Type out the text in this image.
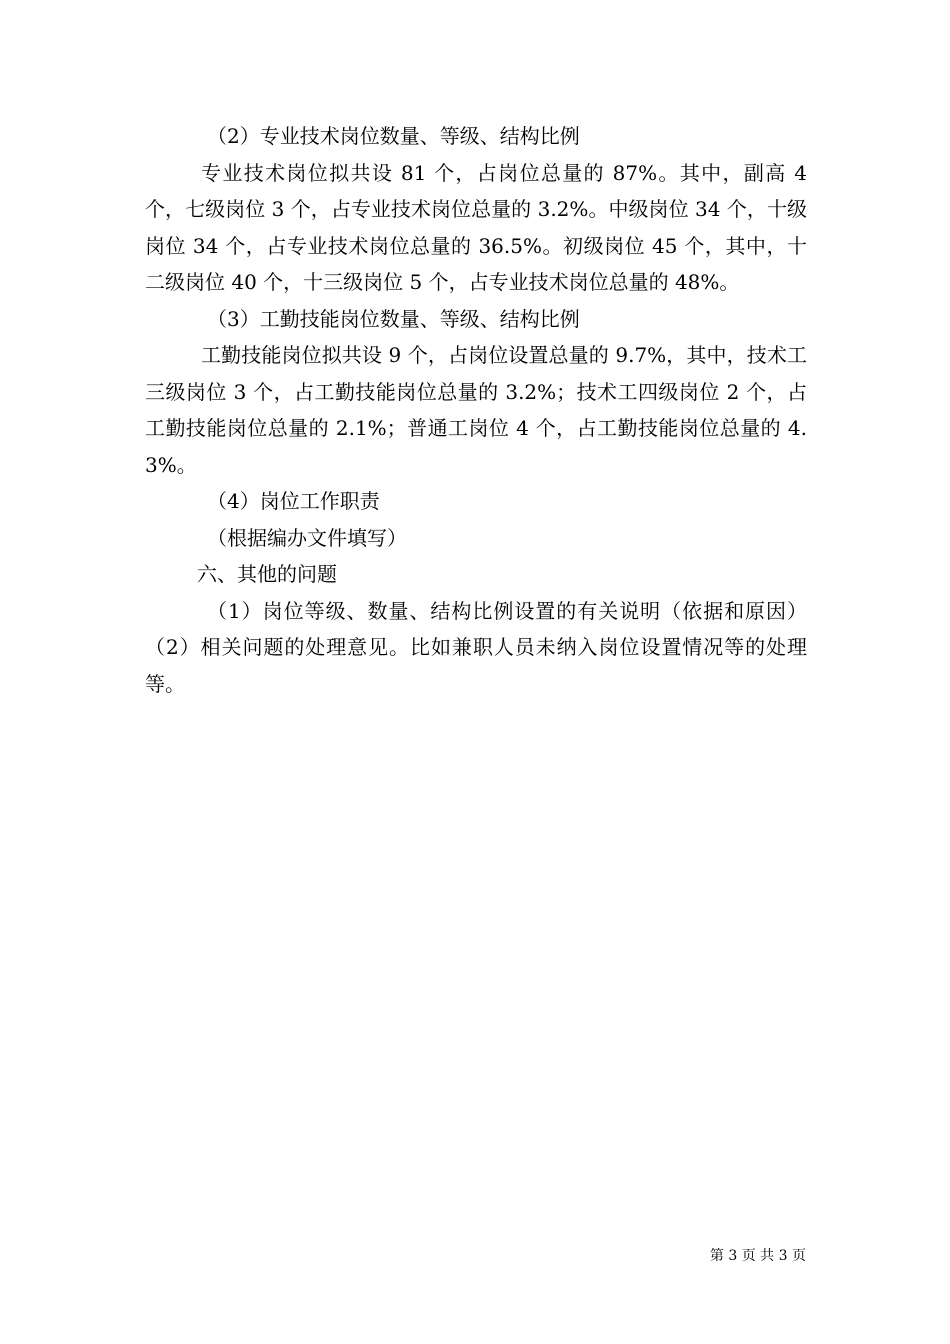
（2）专业技术岗位数量、等级、结构比例

专业技术岗位拟共设 81 个，占岗位总量的 87%。其中，副高 4 个，七级岗位 3 个，占专业技术岗位总量的 3.2%。中级岗位 34 个，十级岗位 34 个，占专业技术岗位总量的 36.5%。初级岗位 45 个，其中，十二级岗位 40 个，十三级岗位 5 个，占专业技术岗位总量的 48%。

（3）工勤技能岗位数量、等级、结构比例

工勤技能岗位拟共设 9 个，占岗位设置总量的 9.7%，其中，技术工三级岗位 3 个，占工勤技能岗位总量的 3.2%；技术工四级岗位 2 个，占工勤技能岗位总量的 2.1%；普通工岗位 4 个，占工勤技能岗位总量的 4.3%。

（4）岗位工作职责

（根据编办文件填写）

六、其他的问题

（1）岗位等级、数量、结构比例设置的有关说明（依据和原因）（2）相关问题的处理意见。比如兼职人员未纳入岗位设置情况等的处理等。

第 3 页 共 3 页
